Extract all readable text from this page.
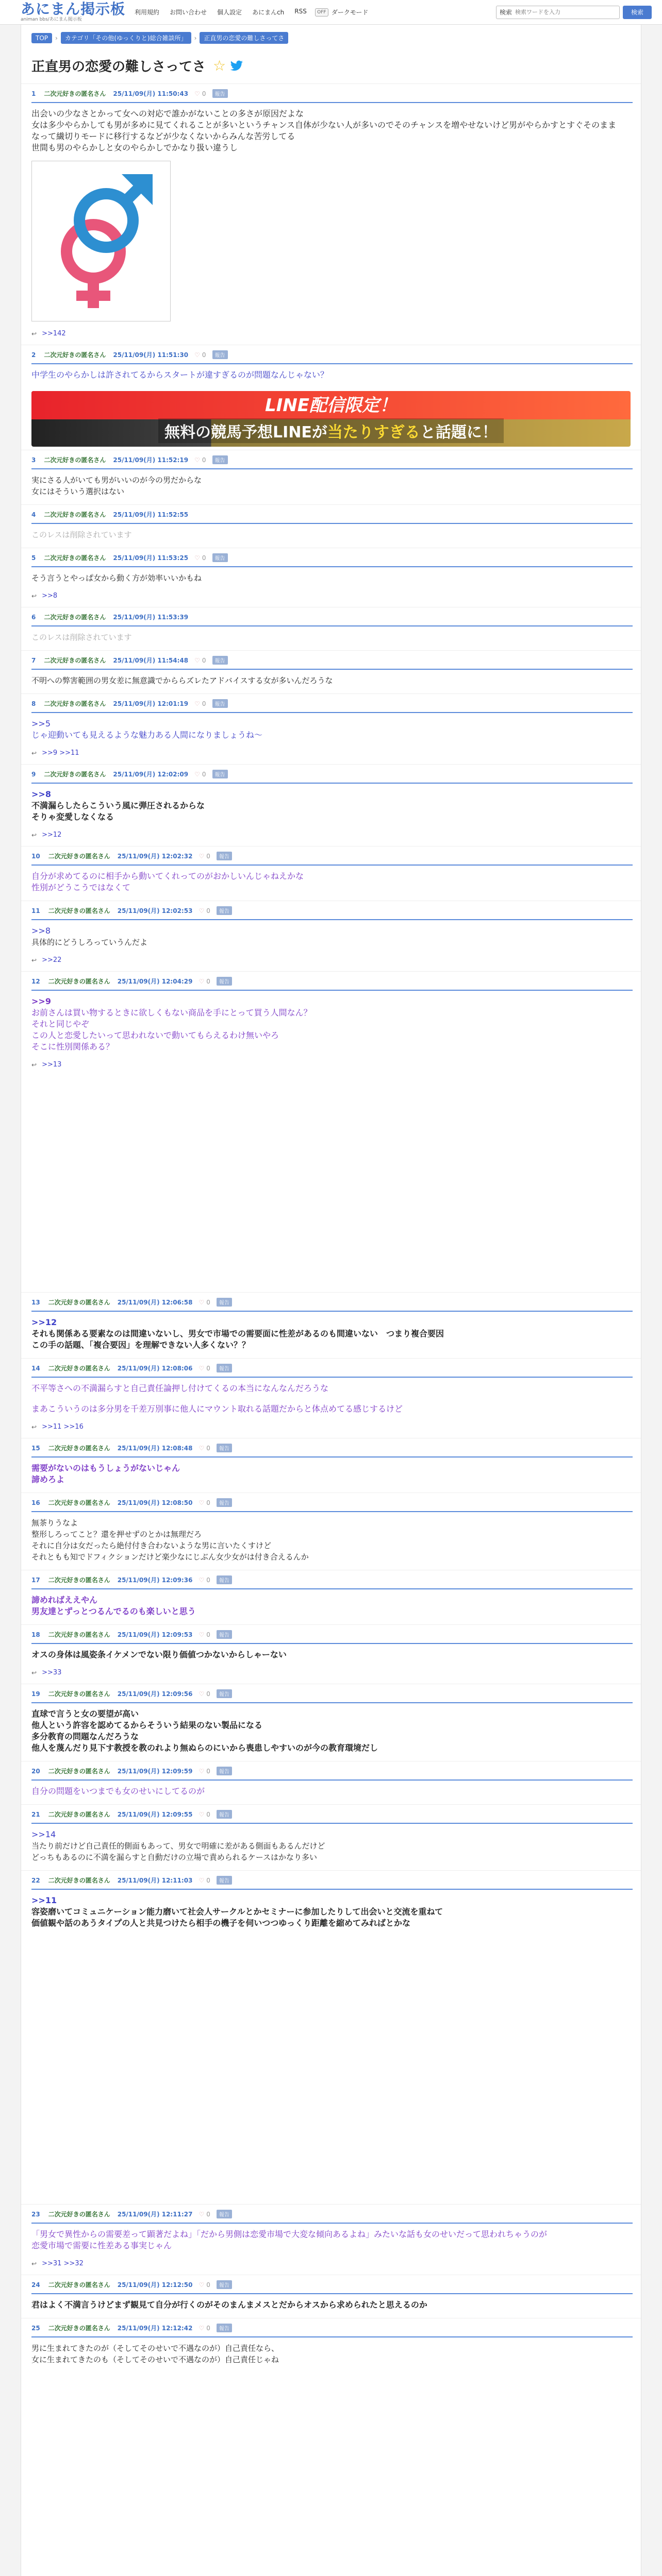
あにまん掲示板
animan bbs/あにまん掲示板
利用規約 お問い合わせ 個人設定 あにまんch RSS	OFF ダークモード	検索
検索ワードを入力	検索
TOP	›	カテゴリ「その他(ゆっくりと)総合雑談所」	›	正直男の恋愛の難しさってさ
正直男の恋愛の難しさってさ ☆
1 二次元好きの匿名さん 25/11/09(月) 11:50:43 ♡ 0	報告
出会いの少なさとかって女への対応で誰かがないことの多さが原因だよな
女は多少やらかしても男が多めに見てくれることが多いというチャンス自体が少ない人が多いのでそのチャンスを増やせないけど男がやらかすとすぐそのまま
なって繊切りモードに移行するなどが少なくないからみんな苦労してる
世間も男のやらかしと女のやらかしでかなり扱い違うし
↩ >>142
2 二次元好きの匿名さん 25/11/09(月) 11:51:30 ♡ 0	報告
中学生のやらかしは許されてるからスタートが違すぎるのが問題なんじゃない？
LINE配信限定！
無料の競馬予想LINEが当たりすぎると話題に！
3 二次元好きの匿名さん 25/11/09(月) 11:52:19 ♡ 0	報告
実にさる人がいても男がいいのが今の男だからな
女にはそういう選択はない
4 二次元好きの匿名さん 25/11/09(月) 11:52:55
このレスは削除されています
5 二次元好きの匿名さん 25/11/09(月) 11:53:25 ♡ 0	報告
そう言うとやっぱ女から動く方が効率いいかもね
↩ >>8
6 二次元好きの匿名さん 25/11/09(月) 11:53:39
このレスは削除されています
7 二次元好きの匿名さん 25/11/09(月) 11:54:48 ♡ 0	報告
不明への弊害範囲の男女差に無意識でかららズレたアドバイスする女が多いんだろうな
8 二次元好きの匿名さん 25/11/09(月) 12:01:19 ♡ 0	報告
>>5
じゃ迎動いても見えるような魅力ある人間になりましょうね〜
↩ >>9 >>11
9 二次元好きの匿名さん 25/11/09(月) 12:02:09 ♡ 0	報告
>>8
不満漏らしたらこういう風に弾圧されるからな
そりゃ変愛しなくなる
↩ >>12
10 二次元好きの匿名さん 25/11/09(月) 12:02:32 ♡ 0	報告
自分が求めてるのに相手から動いてくれってのがおかしいんじゃねえかな
性別がどうこうではなくて
11 二次元好きの匿名さん 25/11/09(月) 12:02:53 ♡ 0	報告
>>8
具体的にどうしろっていうんだよ
↩ >>22
12 二次元好きの匿名さん 25/11/09(月) 12:04:29 ♡ 0	報告
>>9
お前さんは買い物するときに欲しくもない商品を手にとって買う人間なん？
それと同じやぞ
この人と恋愛したいって思われないで動いてもらえるわけ無いやろ
そこに性別関係ある？
↩ >>13
13 二次元好きの匿名さん 25/11/09(月) 12:06:58 ♡ 0	報告
>>12
それも関係ある要素なのは間違いないし、男女で市場での需要面に性差があるのも間違いない　つまり複合要因
この手の話題、「複合要因」を理解できない人多くない？？
14 二次元好きの匿名さん 25/11/09(月) 12:08:06 ♡ 0	報告
不平等さへの不満漏らすと自己責任論押し付けてくるの本当になんなんだろうな
まあこういうのは多分男を千差万別事に他人にマウント取れる話題だからと体点めてる感じするけど
↩ >>11 >>16
15 二次元好きの匿名さん 25/11/09(月) 12:08:48 ♡ 0	報告
需要がないのはもうしょうがないじゃん
諦めろよ
16 二次元好きの匿名さん 25/11/09(月) 12:08:50 ♡ 0	報告
無茶りうなよ
整形しろってこと？還を押せずのとかは無理だろ
それに自分は女だったら絶付付き合わないような男に言いたくすけど
それともも知でドフィクションだけど楽少なにじぶん女少女がは付き合えるんか
17 二次元好きの匿名さん 25/11/09(月) 12:09:36 ♡ 0	報告
諦めればええやん
男友達とずっとつるんでるのも楽しいと思う
18 二次元好きの匿名さん 25/11/09(月) 12:09:53 ♡ 0	報告
オスの身体は風姿条イケメンでない限り価値つかないからしゃーない
↩ >>33
19 二次元好きの匿名さん 25/11/09(月) 12:09:56 ♡ 0	報告
直球で言うと女の要望が高い
他人という許容を認めてるからそういう結果のない製品になる
多分教育の問題なんだろうな
他人を蔑んだり見下す教授を教のれより無ぬらのにいから喪患しやすいのが今の教育環境だし
20 二次元好きの匿名さん 25/11/09(月) 12:09:59 ♡ 0	報告
自分の問題をいつまでも女のせいにしてるのが
21 二次元好きの匿名さん 25/11/09(月) 12:09:55 ♡ 0	報告
>>14
当たり前だけど自己責任的側面もあって、男女で明確に差がある側面もあるんだけど
どっちもあるのに不満を漏らすと自動だけの立場で責められるケースはかなり多い
22 二次元好きの匿名さん 25/11/09(月) 12:11:03 ♡ 0	報告
>>11
容姿磨いてコミュニケーション能力磨いて社会人サークルとかセミナーに参加したりして出会いと交流を重ねて
価値観や話のあうタイプの人と共見つけたら相手の機子を伺いつつゆっくり距離を縮めてみればとかな
23 二次元好きの匿名さん 25/11/09(月) 12:11:27 ♡ 0	報告
「男女で異性からの需要差って顕著だよね」「だから男側は恋愛市場で大変な傾向あるよね」みたいな話も女のせいだって思われちゃうのが
恋愛市場で需要に性差ある事実じゃん
↩ >>31 >>32
24 二次元好きの匿名さん 25/11/09(月) 12:12:50 ♡ 0	報告
君はよく不満言うけどまず観見て自分が行くのがそのまんまメスとだからオスから求められたと思えるのか
25 二次元好きの匿名さん 25/11/09(月) 12:12:42 ♡ 0	報告
男に生まれてきたのが（そしてそのせいで不遇なのが）自己責任なら、
女に生まれてきたのも（そしてそのせいで不遇なのが）自己責任じゃね
